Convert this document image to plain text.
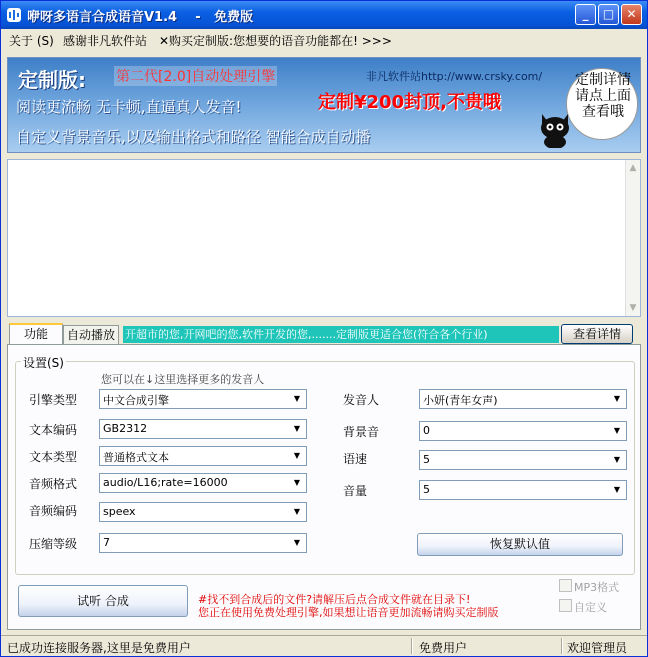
咿呀多语言合成语音V1.4    -   免费版	_	□	✕
关于 (S) 感谢非凡软件站 ✕购买定制版:您想要的语音功能都在! >>>
定制版: 第二代[2.0]自动处理引擎	非凡软件站http://www.crsky.com/
阅读更流畅 无卡顿,直逼真人发音!	定制¥200封顶,不贵哦
自定义背景音乐,以及输出格式和路径 智能合成自动播
定制详情请点上面查看哦
▲
▼
功能	自动播放 开超市的您,开网吧的您,软件开发的您,.......定制版更适合您(符合各个行业)	查看详情
设置(S)
您可以在↓这里选择更多的发音人
引擎类型 中文合成引擎	▼
文本编码 GB2312	▼
文本类型 普通格式文本	▼
音频格式 audio/L16;rate=16000	▼
音频编码 speex	▼
压缩等级 7	▼
发音人	小妍(青年女声)	▼
背景音	0	▼
语速	5	▼
音量	5	▼
恢复默认值
试听 合成	#找不到合成后的文件?请解压后点合成文件就在目录下!
您正在使用免费处理引擎,如果想让语音更加流畅请购买定制版
MP3格式
自定义
已成功连接服务器,这里是免费用户	免费用户	欢迎管理员
